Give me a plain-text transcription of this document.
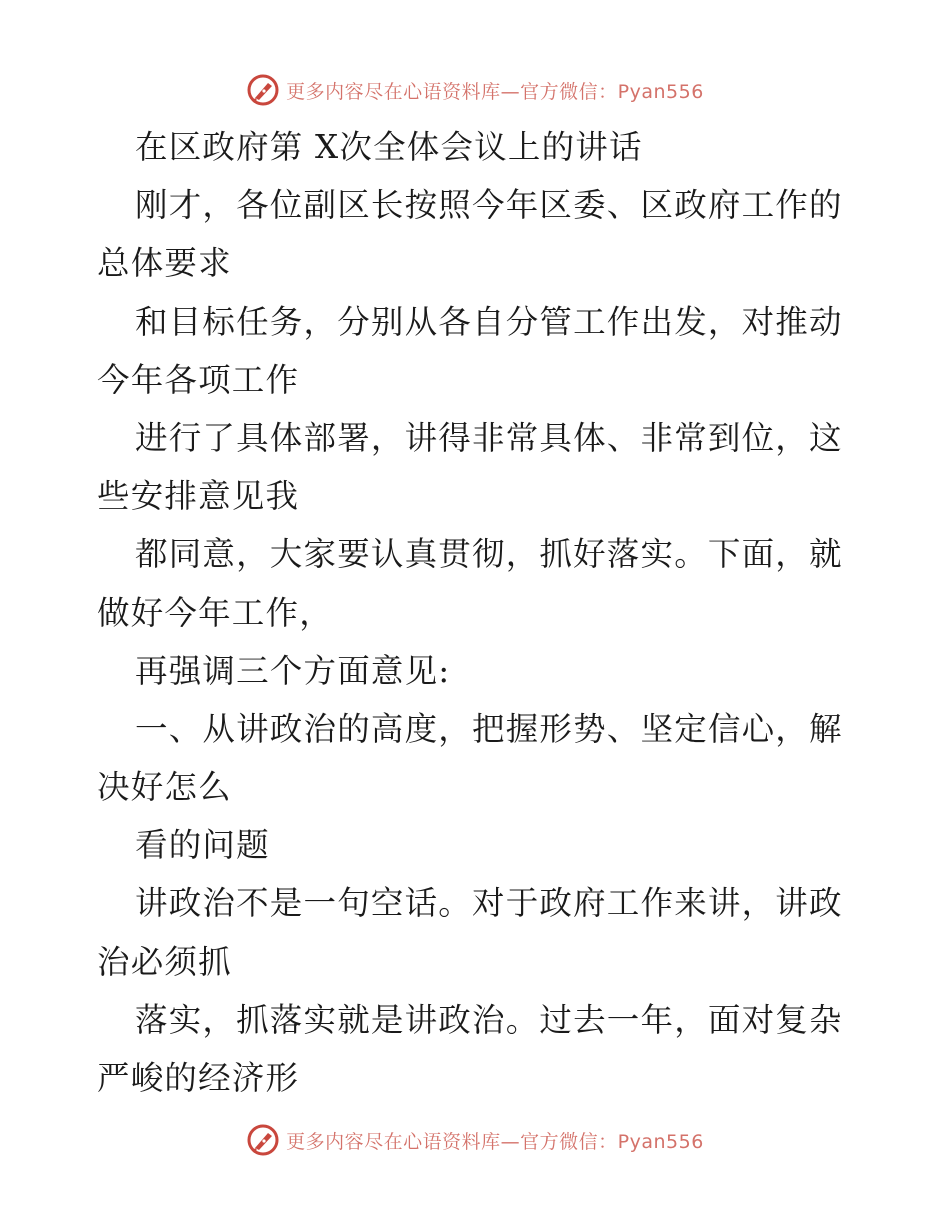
更多内容尽在心语资料库—官方微信：Pyan556
在区政府第 X次全体会议上的讲话
刚才，各位副区长按照今年区委、区政府工作的
总体要求
和目标任务，分别从各自分管工作出发，对推动
今年各项工作
进行了具体部署，讲得非常具体、非常到位，这
些安排意见我
都同意，大家要认真贯彻，抓好落实。下面，就
做好今年工作，
再强调三个方面意见:
一、从讲政治的高度，把握形势、坚定信心，解
决好怎么
看的问题
讲政治不是一句空话。对于政府工作来讲，讲政
治必须抓
落实，抓落实就是讲政治。过去一年，面对复杂
严峻的经济形
更多内容尽在心语资料库—官方微信：Pyan556
